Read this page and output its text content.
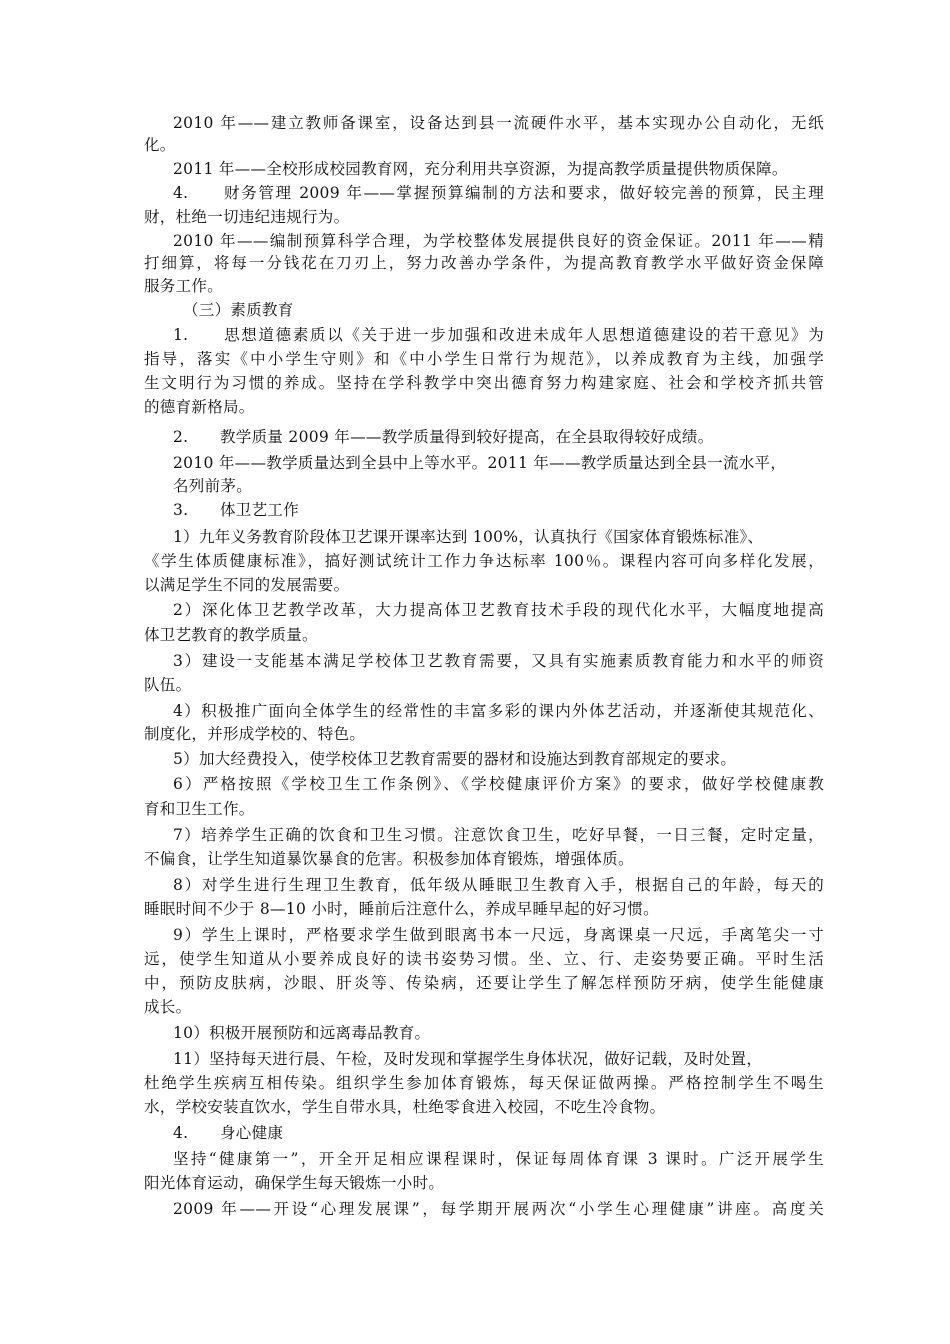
2010 年——建立教师备课室，设备达到县一流硬件水平，基本实现办公自动化，无纸
化。
2011 年——全校形成校园教育网，充分利用共享资源，为提高教学质量提供物质保障。
4.　　财务管理 2009 年——掌握预算编制的方法和要求，做好较完善的预算，民主理
财，杜绝一切违纪违规行为。
2010 年——编制预算科学合理，为学校整体发展提供良好的资金保证。2011 年——精
打细算，将每一分钱花在刀刃上，努力改善办学条件，为提高教育教学水平做好资金保障
服务工作。
（三）素质教育
1.　　思想道德素质以《关于进一步加强和改进未成年人思想道德建设的若干意见》为
指导，落实《中小学生守则》和《中小学生日常行为规范》，以养成教育为主线，加强学
生文明行为习惯的养成。坚持在学科教学中突出德育努力构建家庭、社会和学校齐抓共管
的德育新格局。
2.　　教学质量 2009 年——教学质量得到较好提高，在全县取得较好成绩。
2010 年——教学质量达到全县中上等水平。2011 年——教学质量达到全县一流水平，
名列前茅。
3.　　体卫艺工作
1）九年义务教育阶段体卫艺课开课率达到 100%，认真执行《国家体育锻炼标准》、
《学生体质健康标准》，搞好测试统计工作力争达标率 100％。课程内容可向多样化发展，
以满足学生不同的发展需要。
2）深化体卫艺教学改革，大力提高体卫艺教育技术手段的现代化水平，大幅度地提高
体卫艺教育的教学质量。
3）建设一支能基本满足学校体卫艺教育需要，又具有实施素质教育能力和水平的师资
队伍。
4）积极推广面向全体学生的经常性的丰富多彩的课内外体艺活动，并逐渐使其规范化、
制度化，并形成学校的、特色。
5）加大经费投入，使学校体卫艺教育需要的器材和设施达到教育部规定的要求。
6）严格按照《学校卫生工作条例》、《学校健康评价方案》的要求，做好学校健康教
育和卫生工作。
7）培养学生正确的饮食和卫生习惯。注意饮食卫生，吃好早餐，一日三餐，定时定量，
不偏食，让学生知道暴饮暴食的危害。积极参加体育锻炼，增强体质。
8）对学生进行生理卫生教育，低年级从睡眠卫生教育入手，根据自己的年龄，每天的
睡眠时间不少于 8—10 小时，睡前后注意什么，养成早睡早起的好习惯。
9）学生上课时，严格要求学生做到眼离书本一尺远，身离课桌一尺远，手离笔尖一寸
远，使学生知道从小要养成良好的读书姿势习惯。坐、立、行、走姿势要正确。平时生活
中，预防皮肤病，沙眼、肝炎等、传染病，还要让学生了解怎样预防牙病，使学生能健康
成长。
10）积极开展预防和远离毒品教育。
11）坚持每天进行晨、午检，及时发现和掌握学生身体状况，做好记载，及时处置，
杜绝学生疾病互相传染。组织学生参加体育锻炼，每天保证做两操。严格控制学生不喝生
水，学校安装直饮水，学生自带水具，杜绝零食进入校园，不吃生冷食物。
4.　　身心健康
坚持“健康第一”，开全开足相应课程课时，保证每周体育课 3 课时。广泛开展学生
阳光体育运动，确保学生每天锻炼一小时。
2009 年——开设“心理发展课”，每学期开展两次“小学生心理健康”讲座。高度关
